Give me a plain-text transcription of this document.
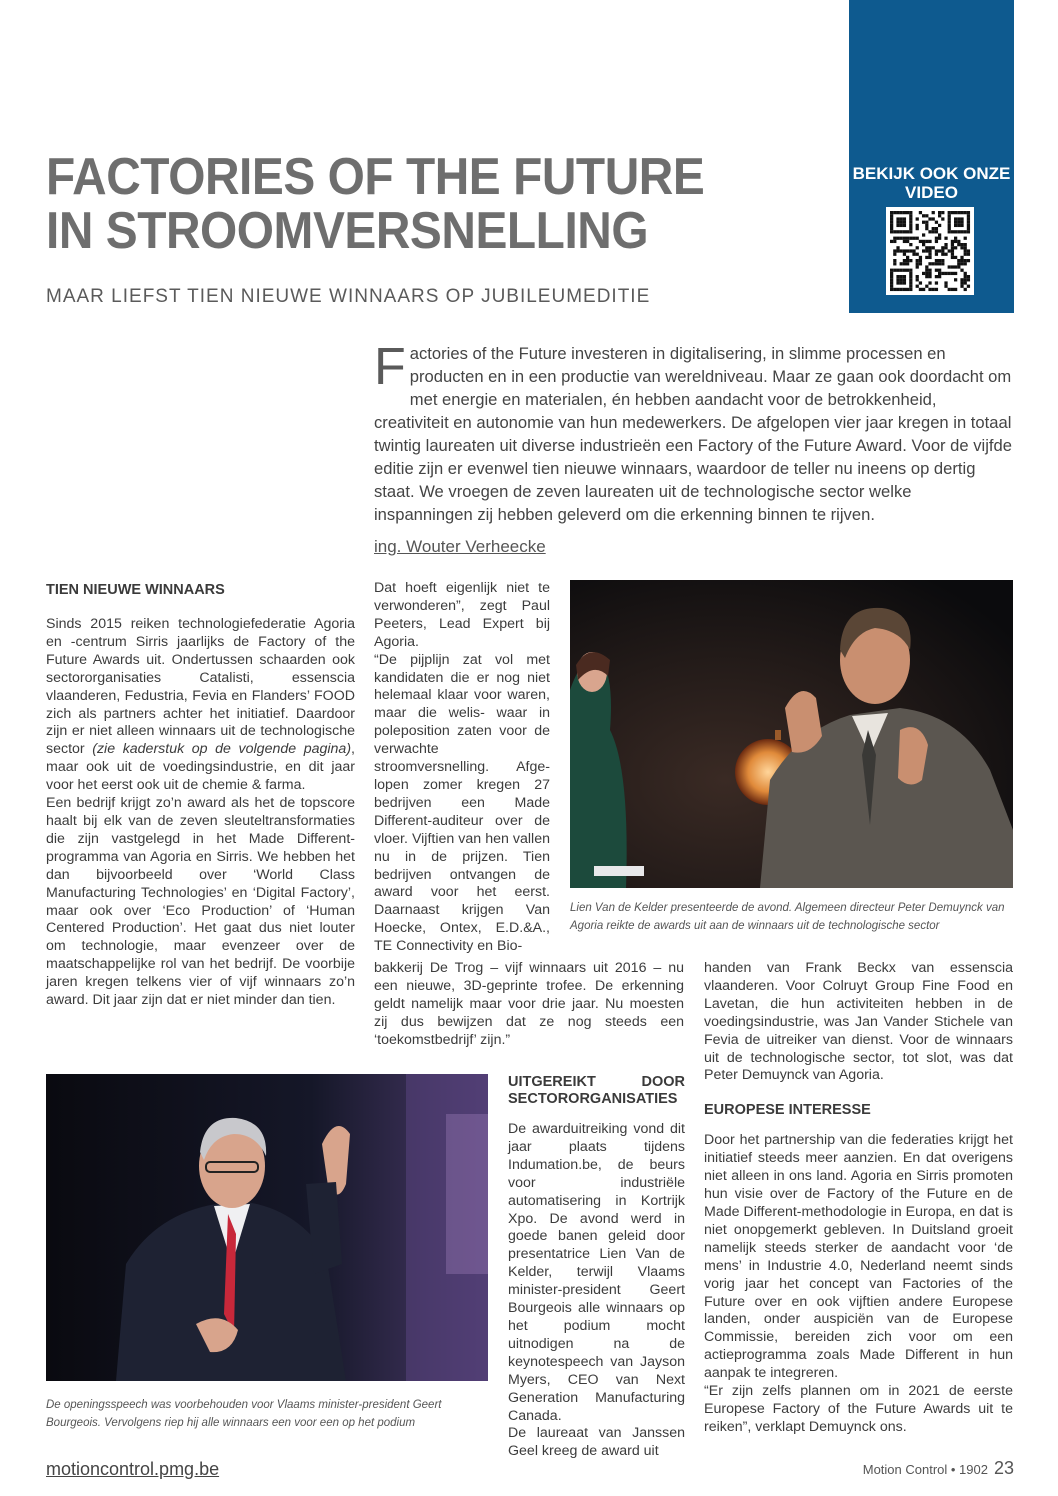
FACTORIES OF THE FUTURE
IN STROOMVERSNELLING
MAAR LIEFST TIEN NIEUWE WINNAARS OP JUBILEUMEDITIE
BEKIJK OOK ONZE VIDEO

Factories of the Future investeren in digitalisering, in slimme processen en producten en in een productie van wereldniveau. Maar ze gaan ook doordacht om met energie en materialen, én hebben aandacht voor de betrokkenheid, creativiteit en autonomie van hun medewerkers. De afgelopen vier jaar kregen in totaal twintig laureaten uit diverse industrieën een Factory of the Future Award. Voor de vijfde editie zijn er evenwel tien nieuwe winnaars, waardoor de teller nu ineens op dertig staat. We vroegen de zeven laureaten uit de technologische sector welke inspanningen zij hebben geleverd om die erkenning binnen te rijven.

ing. Wouter Verheecke
TIEN NIEUWE WINNAARS

Sinds 2015 reiken technologiefederatie Agoria en -centrum Sirris jaarlijks de Factory of the Future Awards uit. Ondertussen schaarden ook sectororganisaties Catalisti, essenscia vlaanderen, Fedustria, Fevia en Flanders’ FOOD zich als partners achter het initiatief. Daardoor zijn er niet alleen winnaars uit de technologische sector (zie kaderstuk op de volgende pagina), maar ook uit de voedingsindustrie, en dit jaar voor het eerst ook uit de chemie & farma.

Een bedrijf krijgt zo’n award als het de topscore haalt bij elk van de zeven sleuteltransformaties die zijn vastgelegd in het Made Different-programma van Agoria en Sirris. We hebben het dan bijvoorbeeld over ‘World Class Manufacturing Technologies’ en ‘Digital Factory’, maar ook over ‘Eco Production’ of ‘Human Centered Production’. Het gaat dus niet louter om technologie, maar evenzeer over de maatschappelijke rol van het bedrijf. De voorbije jaren kregen telkens vier of vijf winnaars zo’n award. Dit jaar zijn dat er niet minder dan tien.

Dat hoeft eigenlijk niet te verwonderen”, zegt Paul Peeters, Lead Expert bij Agoria.

“De pijplijn zat vol met kandidaten die er nog niet helemaal klaar voor waren, maar die welis- waar in poleposition zaten voor de verwachte stroomversnelling. Afge- lopen zomer kregen 27 bedrijven een Made Different-auditeur over de vloer. Vijftien van hen vallen nu in de prijzen. Tien bedrijven ontvangen de award voor het eerst. Daarnaast krijgen Van Hoecke, Ontex, E.D.&A., TE Connectivity en Bio-

bakkerij De Trog – vijf winnaars uit 2016 – nu een nieuwe, 3D-geprinte trofee. De erkenning geldt namelijk maar voor drie jaar. Nu moesten zij dus bewijzen dat ze nog steeds een ‘toekomstbedrijf’ zijn.”

Lien Van de Kelder presenteerde de avond. Algemeen directeur Peter Demuynck van Agoria reikte de awards uit aan de winnaars uit de technologische sector

handen van Frank Beckx van essenscia vlaanderen. Voor Colruyt Group Fine Food en Lavetan, die hun activiteiten hebben in de voedingsindustrie, was Jan Vander Stichele van Fevia de uitreiker van dienst. Voor de winnaars uit de technologische sector, tot slot, was dat Peter Demuynck van Agoria.

EUROPESE INTERESSE

Door het partnership van die federaties krijgt het initiatief steeds meer aanzien. En dat overigens niet alleen in ons land. Agoria en Sirris promoten hun visie over de Factory of the Future en de Made Different-methodologie in Europa, en dat is niet onopgemerkt gebleven. In Duitsland groeit namelijk steeds sterker de aandacht voor ‘de mens’ in Industrie 4.0, Nederland neemt sinds vorig jaar het concept van Factories of the Future over en ook vijftien andere Europese landen, onder auspiciën van de Europese Commissie, bereiden zich voor om een actieprogramma zoals Made Different in hun aanpak te integreren.

“Er zijn zelfs plannen om in 2021 de eerste Europese Factory of the Future Awards uit te reiken”, verklapt Demuynck ons.

UITGEREIKT DOOR SECTORORGANISATIES

De awarduitreiking vond dit jaar plaats tijdens Indumation.be, de beurs voor industriële automatisering in Kortrijk Xpo. De avond werd in goede banen geleid door presentatrice Lien Van de Kelder, terwijl Vlaams minister-president Geert Bourgeois alle winnaars op het podium mocht uitnodigen na de keynotespeech van Jayson Myers, CEO van Next Generation Manufacturing Canada.

De laureaat van Janssen Geel kreeg de award uit

De openingsspeech was voorbehouden voor Vlaams minister-president Geert Bourgeois. Vervolgens riep hij alle winnaars een voor een op het podium
motioncontrol.pmg.be	Motion Control • 1902 23
